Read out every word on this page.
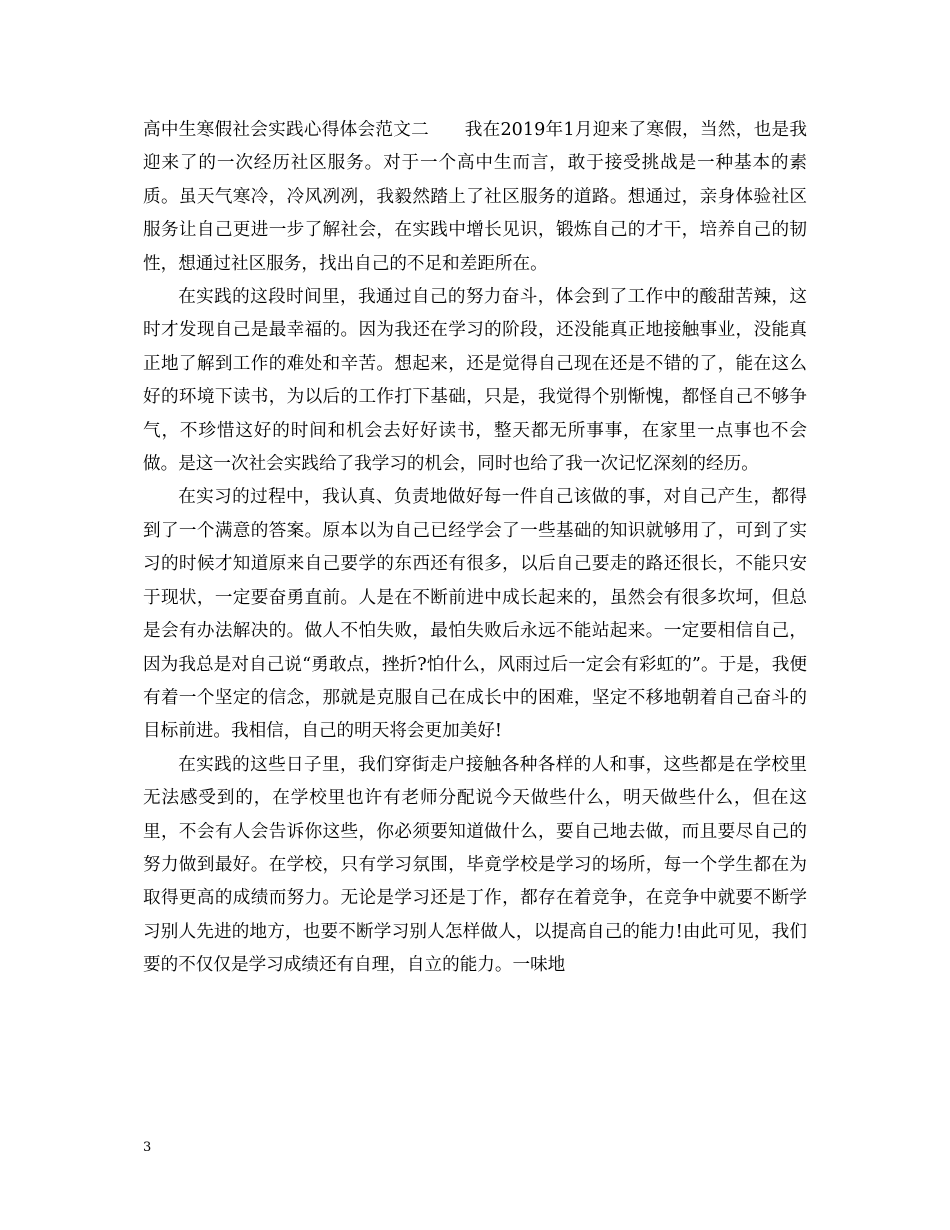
高中生寒假社会实践心得体会范文二　　我在2019年1月迎来了寒假，当然，也是我迎来了的一次经历社区服务。对于一个高中生而言，敢于接受挑战是一种基本的素质。虽天气寒冷，冷风冽冽，我毅然踏上了社区服务的道路。想通过，亲身体验社区服务让自己更进一步了解社会，在实践中增长见识，锻炼自己的才干，培养自己的韧性，想通过社区服务，找出自己的不足和差距所在。

在实践的这段时间里，我通过自己的努力奋斗，体会到了工作中的酸甜苦辣，这时才发现自己是最幸福的。因为我还在学习的阶段，还没能真正地接触事业，没能真正地了解到工作的难处和辛苦。想起来，还是觉得自己现在还是不错的了，能在这么好的环境下读书，为以后的工作打下基础，只是，我觉得个别惭愧，都怪自己不够争气，不珍惜这好的时间和机会去好好读书，整天都无所事事，在家里一点事也不会做。是这一次社会实践给了我学习的机会，同时也给了我一次记忆深刻的经历。

在实习的过程中，我认真、负责地做好每一件自己该做的事，对自己产生，都得到了一个满意的答案。原本以为自己已经学会了一些基础的知识就够用了，可到了实习的时候才知道原来自己要学的东西还有很多，以后自己要走的路还很长，不能只安于现状，一定要奋勇直前。人是在不断前进中成长起来的，虽然会有很多坎坷，但总是会有办法解决的。做人不怕失败，最怕失败后永远不能站起来。一定要相信自己，因为我总是对自己说“勇敢点，挫折?怕什么，风雨过后一定会有彩虹的”。于是，我便有着一个坚定的信念，那就是克服自己在成长中的困难，坚定不移地朝着自己奋斗的目标前进。我相信，自己的明天将会更加美好!

在实践的这些日子里，我们穿街走户接触各种各样的人和事，这些都是在学校里无法感受到的，在学校里也许有老师分配说今天做些什么，明天做些什么，但在这里，不会有人会告诉你这些，你必须要知道做什么，要自己地去做，而且要尽自己的努力做到最好。在学校，只有学习氛围，毕竟学校是学习的场所，每一个学生都在为取得更高的成绩而努力。无论是学习还是丁作，都存在着竞争，在竞争中就要不断学习别人先进的地方，也要不断学习别人怎样做人，以提高自己的能力!由此可见，我们要的不仅仅是学习成绩还有自理，自立的能力。一味地

3
